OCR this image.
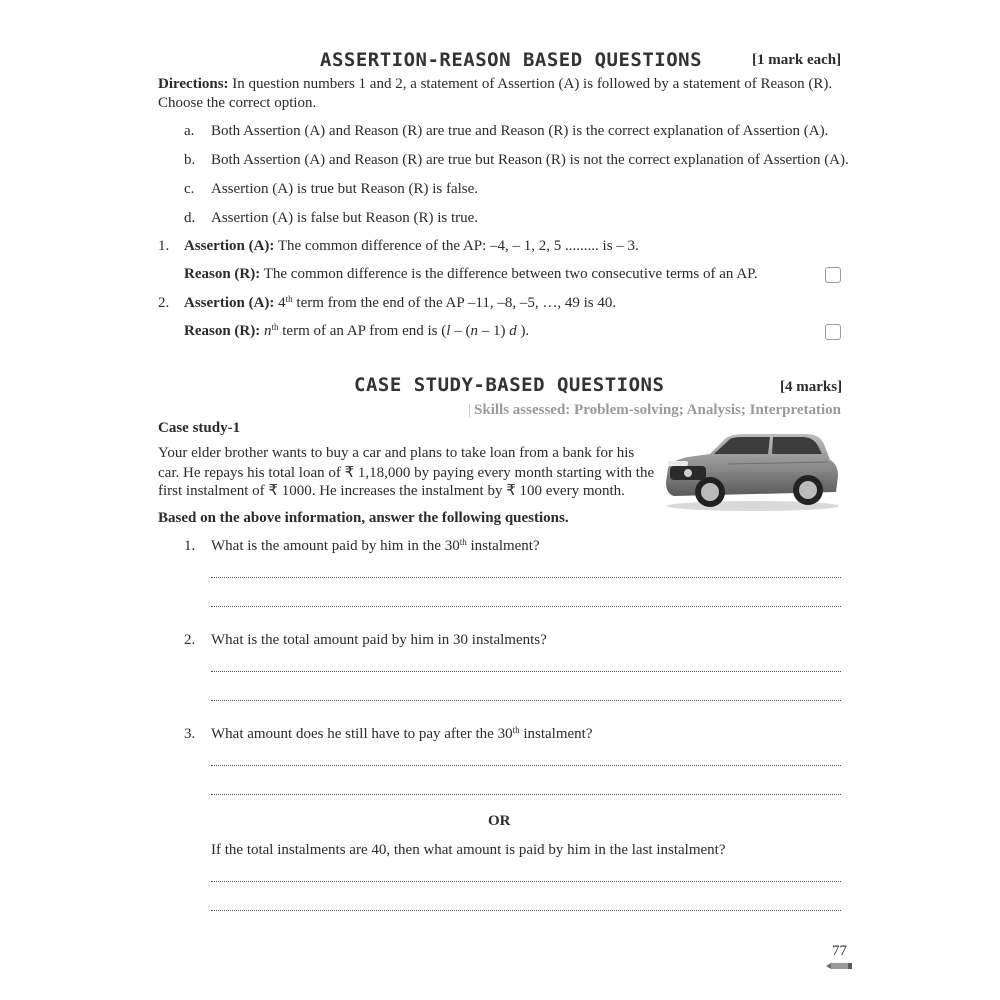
ASSERTION-REASON BASED QUESTIONS	[1 mark each]
Directions: In question numbers 1 and 2, a statement of Assertion (A) is followed by a statement of Reason (R).
Choose the correct option.
a. Both Assertion (A) and Reason (R) are true and Reason (R) is the correct explanation of Assertion (A).
b. Both Assertion (A) and Reason (R) are true but Reason (R) is not the correct explanation of Assertion (A).
c. Assertion (A) is true but Reason (R) is false.
d. Assertion (A) is false but Reason (R) is true.
1. Assertion (A): The common difference of the AP: –4, – 1, 2, 5 ......... is – 3.
Reason (R): The common difference is the difference between two consecutive terms of an AP.
2. Assertion (A): 4th term from the end of the AP –11, –8, –5, …, 49 is 40.
Reason (R): $n^{th}$ term of an AP from end is (l – (n – 1) d ).
CASE STUDY-BASED QUESTIONS	[4 marks]
| Skills assessed: Problem-solving; Analysis; Interpretation
Case study-1
Your elder brother wants to buy a car and plans to take loan from a bank for his
car. He repays his total loan of ₹ 1,18,000 by paying every month starting with the
first instalment of ₹ 1000. He increases the instalment by ₹ 100 every month.
Based on the above information, answer the following questions.
1. What is the amount paid by him in the 30th instalment?
2. What is the total amount paid by him in 30 instalments?
3. What amount does he still have to pay after the 30th instalment?
OR
If the total instalments are 40, then what amount is paid by him in the last instalment?
77
